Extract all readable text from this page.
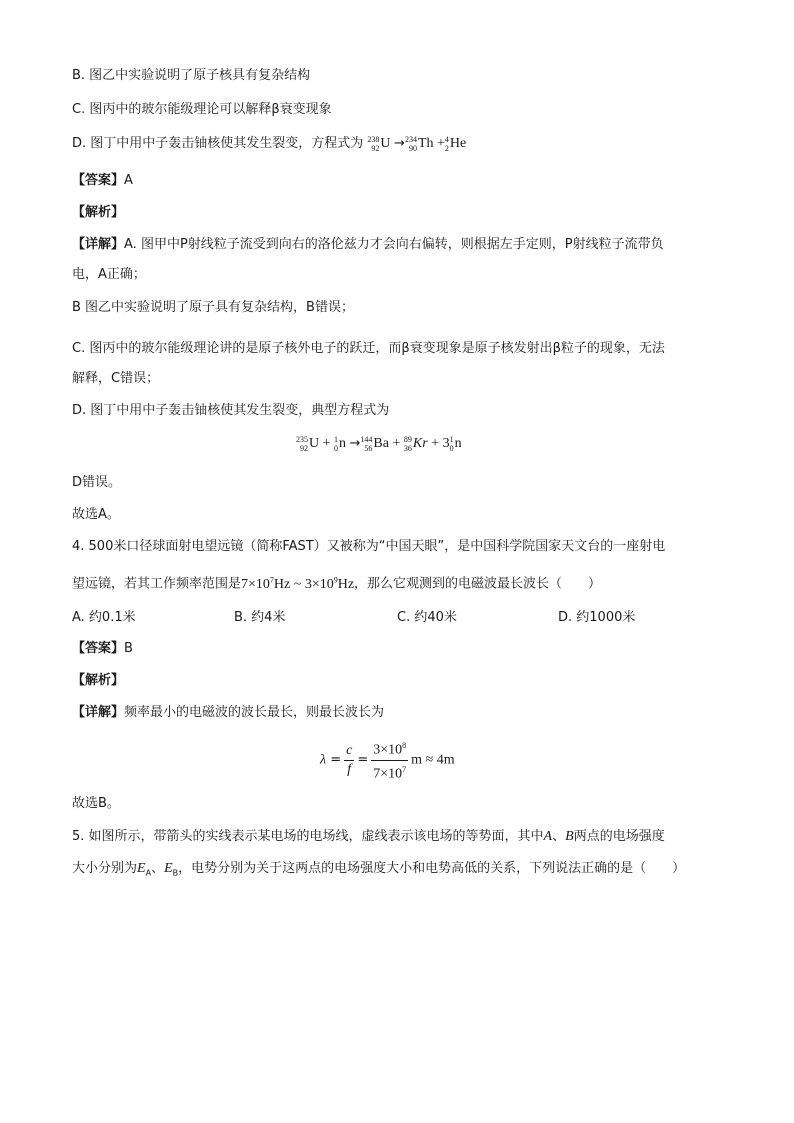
B. 图乙中实验说明了原子核具有复杂结构
C. 图丙中的玻尔能级理论可以解释β衰变现象
D. 图丁中用中子轰击铀核使其发生裂变，方程式为 238
92 U → 234
90 Th + 4
2 He
【答案】A
【解析】
【详解】A. 图甲中P射线粒子流受到向右的洛伦兹力才会向右偏转，则根据左手定则，P射线粒子流带负
电，A正确；
B 图乙中实验说明了原子具有复杂结构，B错误；
C. 图丙中的玻尔能级理论讲的是原子核外电子的跃迁，而β衰变现象是原子核发射出β粒子的现象，无法
解释，C错误；
D. 图丁中用中子轰击铀核使其发生裂变，典型方程式为
235
92 U + 1
0 n → 144
56 Ba + 89
36 Kr + 3 1
0 n
D错误。
故选A。
4. 500米口径球面射电望远镜（简称FAST）又被称为“中国天眼”，是中国科学院国家天文台的一座射电
望远镜，若其工作频率范围是$7\times 10^7Hz$ ~ $3\times 10^9Hz$，那么它观测到的电磁波最长波长（　　）
A. 约0.1米	B. 约4米	C. 约40米	D. 约1000米
【答案】B
【解析】
【详解】频率最小的电磁波的波长最长，则最长波长为
$\lambda = \frac{c}{f} = \frac{3\times 10^8}{7\times 10^7}$ m ≈ 4m
故选B。
5. 如图所示，带箭头的实线表示某电场的电场线，虚线表示该电场的等势面，其中A、B两点的电场强度
大小分别为$E_A$、$E_B$，电势分别为关于这两点的电场强度大小和电势高低的关系，下列说法正确的是（　　）
